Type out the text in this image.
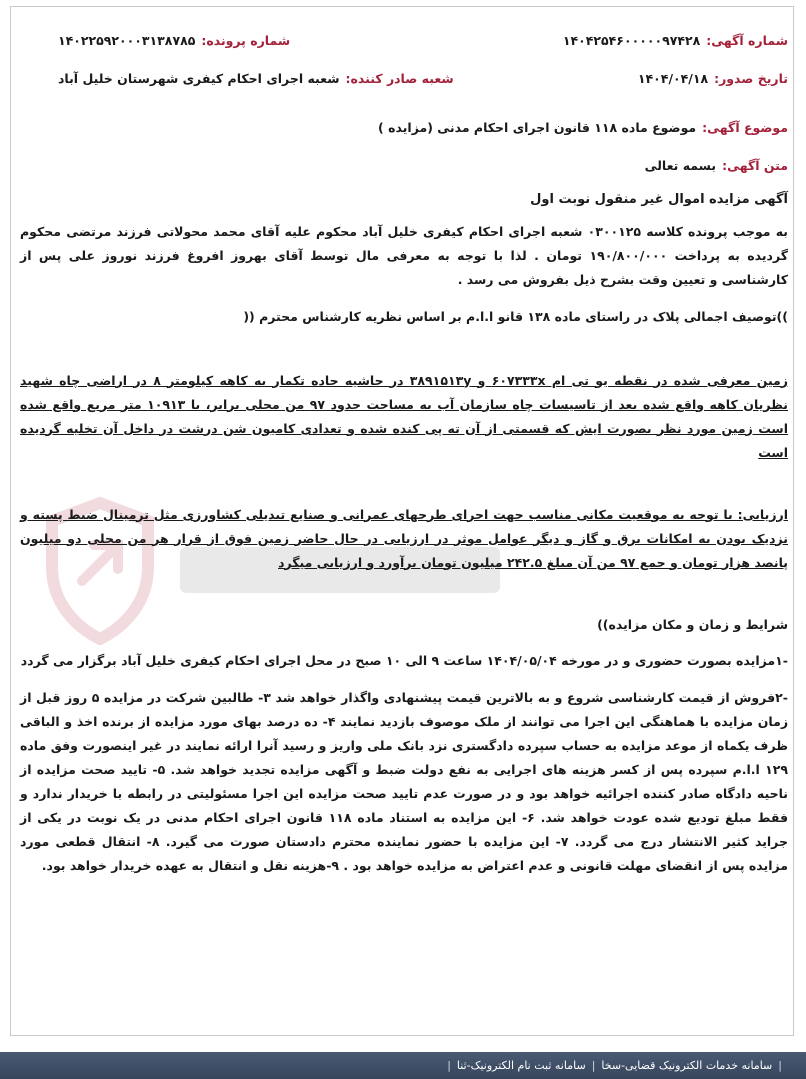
شماره آگهی:
۱۴۰۴۲۵۴۶۰۰۰۰۰۹۷۴۲۸
شماره پرونده:
۱۴۰۲۲۵۹۲۰۰۰۳۱۳۸۷۸۵
تاریخ صدور:
۱۴۰۴/۰۴/۱۸
شعبه صادر کننده:
شعبه اجرای احکام کیفری شهرستان خلیل آباد
موضوع آگهی:
موضوع ماده ۱۱۸ قانون اجرای احکام مدنی (مزایده )
متن آگهی:
بسمه تعالی
آگهی مزایده اموال غیر منقول نوبت اول

به موجب پرونده کلاسه ۰۳۰۰۱۲۵ شعبه اجرای احکام کیفری خلیل آباد محکوم علیه آقای محمد محولاتی فرزند مرتضی محکوم گردیده به پرداخت ۱۹۰/۸۰۰/۰۰۰ تومان . لذا با توجه به معرفی مال توسط آقای بهروز افروغ فرزند نوروز علی پس از کارشناسی و تعیین وقت بشرح ذیل بفروش می رسد .

))توصیف اجمالی پلاک در راستای ماده ۱۳۸ قانو ا.ا.م بر اساس نظریه کارشناس محترم ((

زمین معرفی شده در نقطه یو تی ام ۶۰۷۳۳۳x و ۳۸۹۱۵۱۳y در حاشیه جاده تکمار به کاهه کیلومتر ۸ در اراضی چاه شهید نظریان کاهه واقع شده بعد از تاسیسات چاه سازمان آب به مساحت حدود ۹۷ من محلی برابر، با ۱۰۹۱۳ متر مربع واقع شده است زمین مورد نظر بصورت ایش که قسمتی از آن ته پی کنده شده و تعدادی کامیون شن درشت در داخل آن تخلیه گردیده است

ارزیابی: با توجه به موقعیت مکانی مناسب جهت اجرای طرحهای عمرانی و صنایع تبدیلی کشاورزی مثل ترمینال ضبط پسته و نزدیک بودن به امکانات برق و گاز و دیگر عوامل موثر در ارزیابی در حال حاضر زمین فوق از قرار هر من محلی دو میلیون پانصد هزار تومان و جمع ۹۷ من آن مبلغ ۲۴۲.۵ میلیون تومان برآورد و ارزیابی میگرد

شرایط و زمان و مکان مزایده))

-۱مزایده بصورت حضوری و در مورخه ۱۴۰۴/۰۵/۰۴ ساعت ۹ الی ۱۰ صبح در محل اجرای احکام کیفری خلیل آباد برگزار می گردد

-۲فروش از قیمت کارشناسی شروع و به بالاترین قیمت پیشنهادی واگذار خواهد شد ۳- طالبین شرکت در مزایده ۵ روز قبل از زمان مزایده با هماهنگی این اجرا می توانند از ملک موصوف بازدید نمایند ۴- ده درصد بهای مورد مزایده از برنده اخذ و الباقی ظرف یکماه از موعد مزایده به حساب سپرده دادگستری نزد بانک ملی واریز و رسید آنرا ارائه نمایند در غیر اینصورت وفق ماده ۱۲۹ ا.ا.م سپرده پس از کسر هزینه های اجرایی به نفع دولت ضبط و آگهی مزایده تجدید خواهد شد. ۵- تایید صحت مزایده از ناحیه دادگاه صادر کننده اجرائیه خواهد بود و در صورت عدم تایید صحت مزایده این اجرا مسئولیتی در رابطه با خریدار ندارد و فقط مبلغ تودیع شده عودت خواهد شد. ۶- این مزایده به استناد ماده ۱۱۸ قانون اجرای احکام مدنی در یک نوبت در یکی از جراید کثیر الانتشار درج می گردد. ۷- این مزایده با حضور نماینده محترم دادستان صورت می گیرد. ۸- انتقال قطعی مورد مزایده پس از انقضای مهلت قانونی و عدم اعتراض به مزایده خواهد بود . ۹-هزینه نقل و انتقال به عهده خریدار خواهد بود.

|
سامانه خدمات الکترونیک قضایی-سخا
|
سامانه ثبت نام الکترونیک-ثنا
|
